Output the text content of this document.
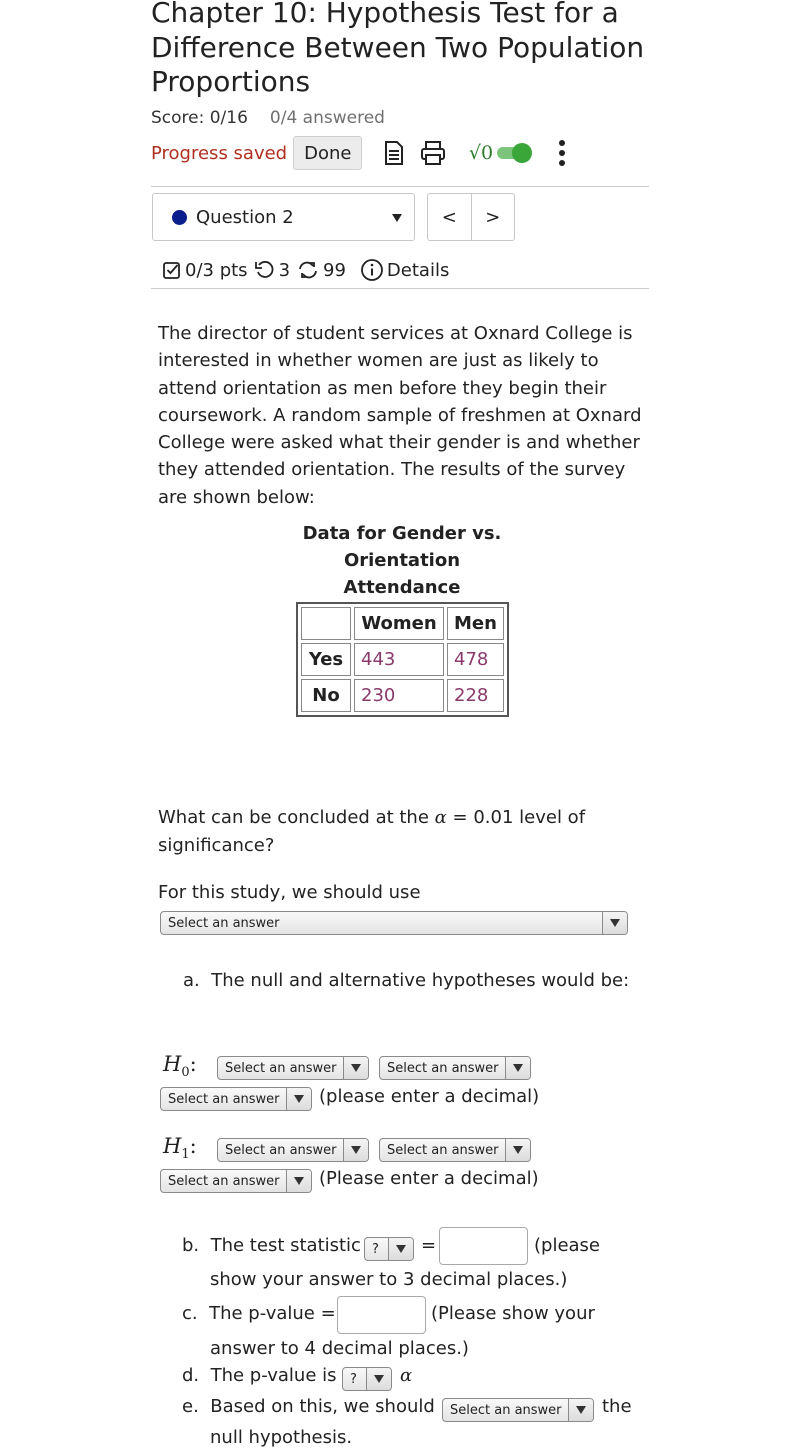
Chapter 10: Hypothesis Test for a Difference Between Two Population Proportions
Score: 0/16 0/4 answered
Progress saved Done	√0
Question 2	<	>
0/3 pts 3 99 Details

The director of student services at Oxnard College is interested in whether women are just as likely to attend orientation as men before they begin their coursework. A random sample of freshmen at Oxnard College were asked what their gender is and whether they attended orientation. The results of the survey are shown below:

Data for Gender vs.
Orientation
Attendance
	Women	Men
Yes	443	478
No	230	228
What can be concluded at the α = 0.01 level of
significance?
For this study, we should use
Select an answer
a. The null and alternative hypotheses would be:
$H_0$: Select an answer	Select an answer
Select an answer (please enter a decimal)
$H_1$: Select an answer	Select an answer
Select an answer (Please enter a decimal)
b. The test statistic ? =	(please
show your answer to 3 decimal places.)
c. The p-value =	(Please show your
answer to 4 decimal places.)
d. The p-value is ? α
e. Based on this, we should Select an answer the
null hypothesis.
